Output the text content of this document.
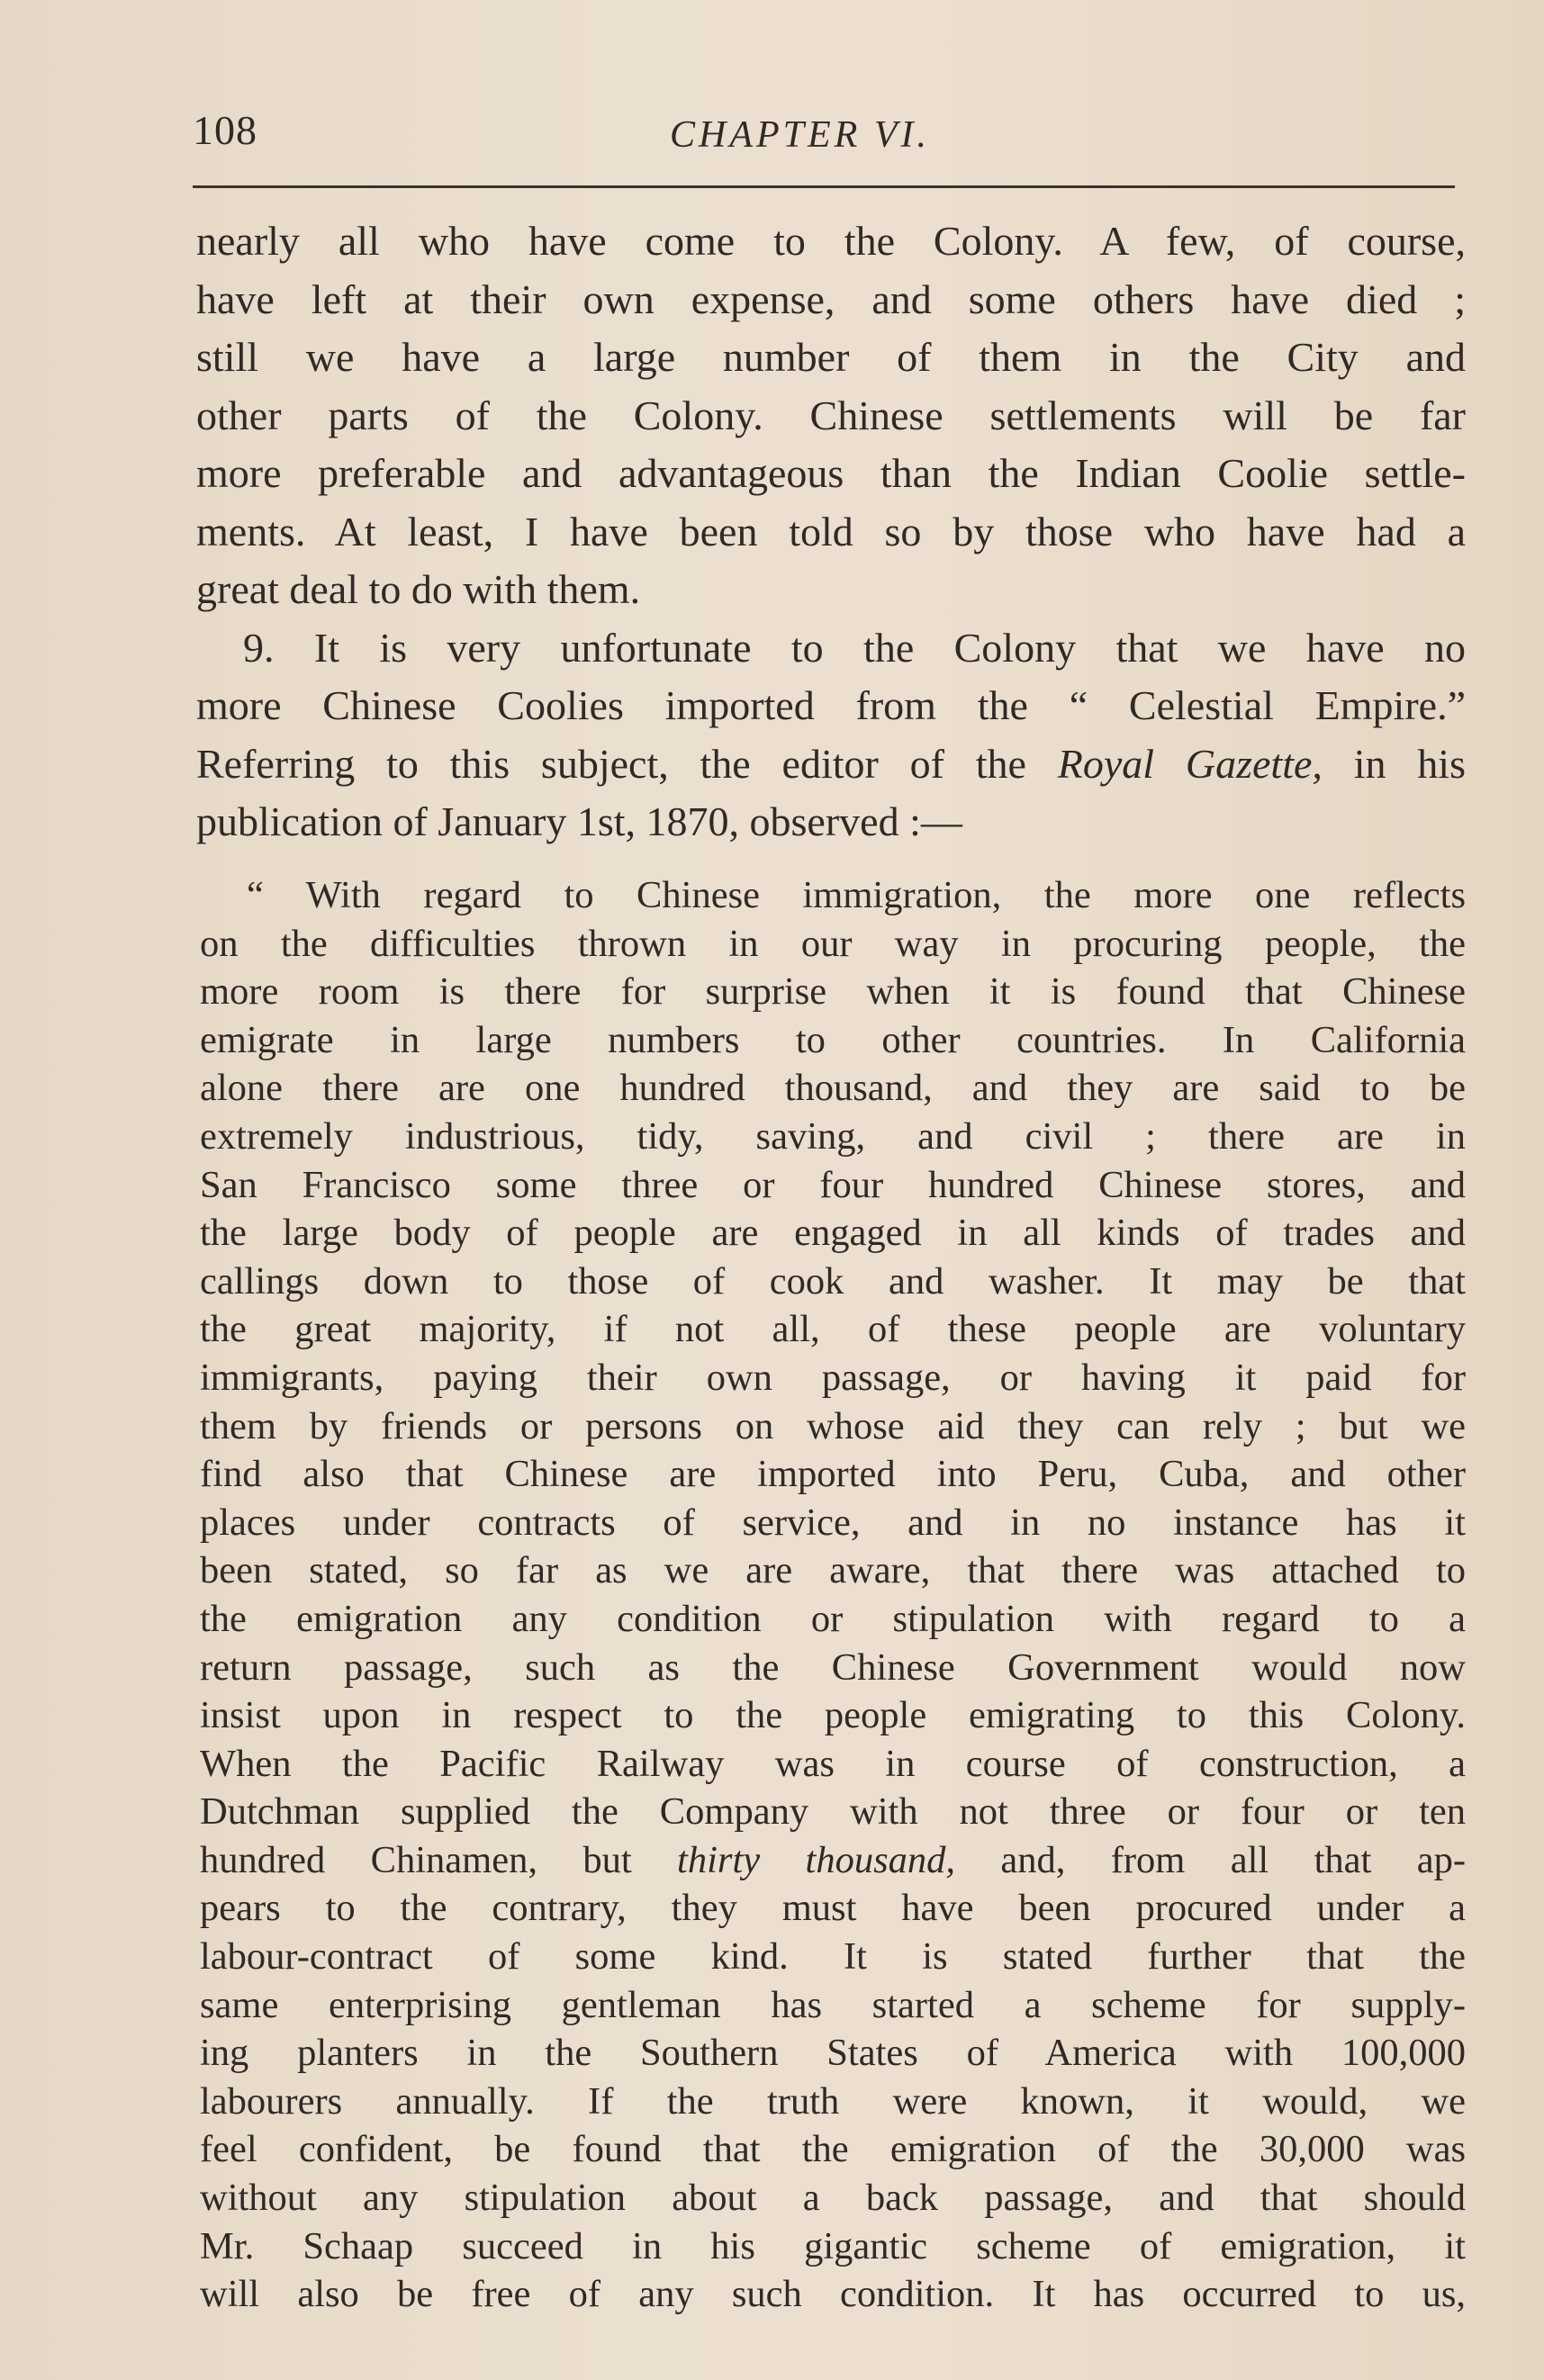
108	CHAPTER VI.
nearly all who have come to the Colony. A few, of course,
have left at their own expense, and some others have died ;
still we have a large number of them in the City and
other parts of the Colony. Chinese settlements will be far
more preferable and advantageous than the Indian Coolie settle-
ments. At least, I have been told so by those who have had a
great deal to do with them.
9. It is very unfortunate to the Colony that we have no
more Chinese Coolies imported from the “ Celestial Empire.”
Referring to this subject, the editor of the Royal Gazette, in his
publication of January 1st, 1870, observed :—
“ With regard to Chinese immigration, the more one reflects
on the difficulties thrown in our way in procuring people, the
more room is there for surprise when it is found that Chinese
emigrate in large numbers to other countries. In California
alone there are one hundred thousand, and they are said to be
extremely industrious, tidy, saving, and civil ; there are in
San Francisco some three or four hundred Chinese stores, and
the large body of people are engaged in all kinds of trades and
callings down to those of cook and washer. It may be that
the great majority, if not all, of these people are voluntary
immigrants, paying their own passage, or having it paid for
them by friends or persons on whose aid they can rely ; but we
find also that Chinese are imported into Peru, Cuba, and other
places under contracts of service, and in no instance has it
been stated, so far as we are aware, that there was attached to
the emigration any condition or stipulation with regard to a
return passage, such as the Chinese Government would now
insist upon in respect to the people emigrating to this Colony.
When the Pacific Railway was in course of construction, a
Dutchman supplied the Company with not three or four or ten
hundred Chinamen, but thirty thousand, and, from all that ap-
pears to the contrary, they must have been procured under a
labour-contract of some kind. It is stated further that the
same enterprising gentleman has started a scheme for supply-
ing planters in the Southern States of America with 100,000
labourers annually. If the truth were known, it would, we
feel confident, be found that the emigration of the 30,000 was
without any stipulation about a back passage, and that should
Mr. Schaap succeed in his gigantic scheme of emigration, it
will also be free of any such condition. It has occurred to us,
